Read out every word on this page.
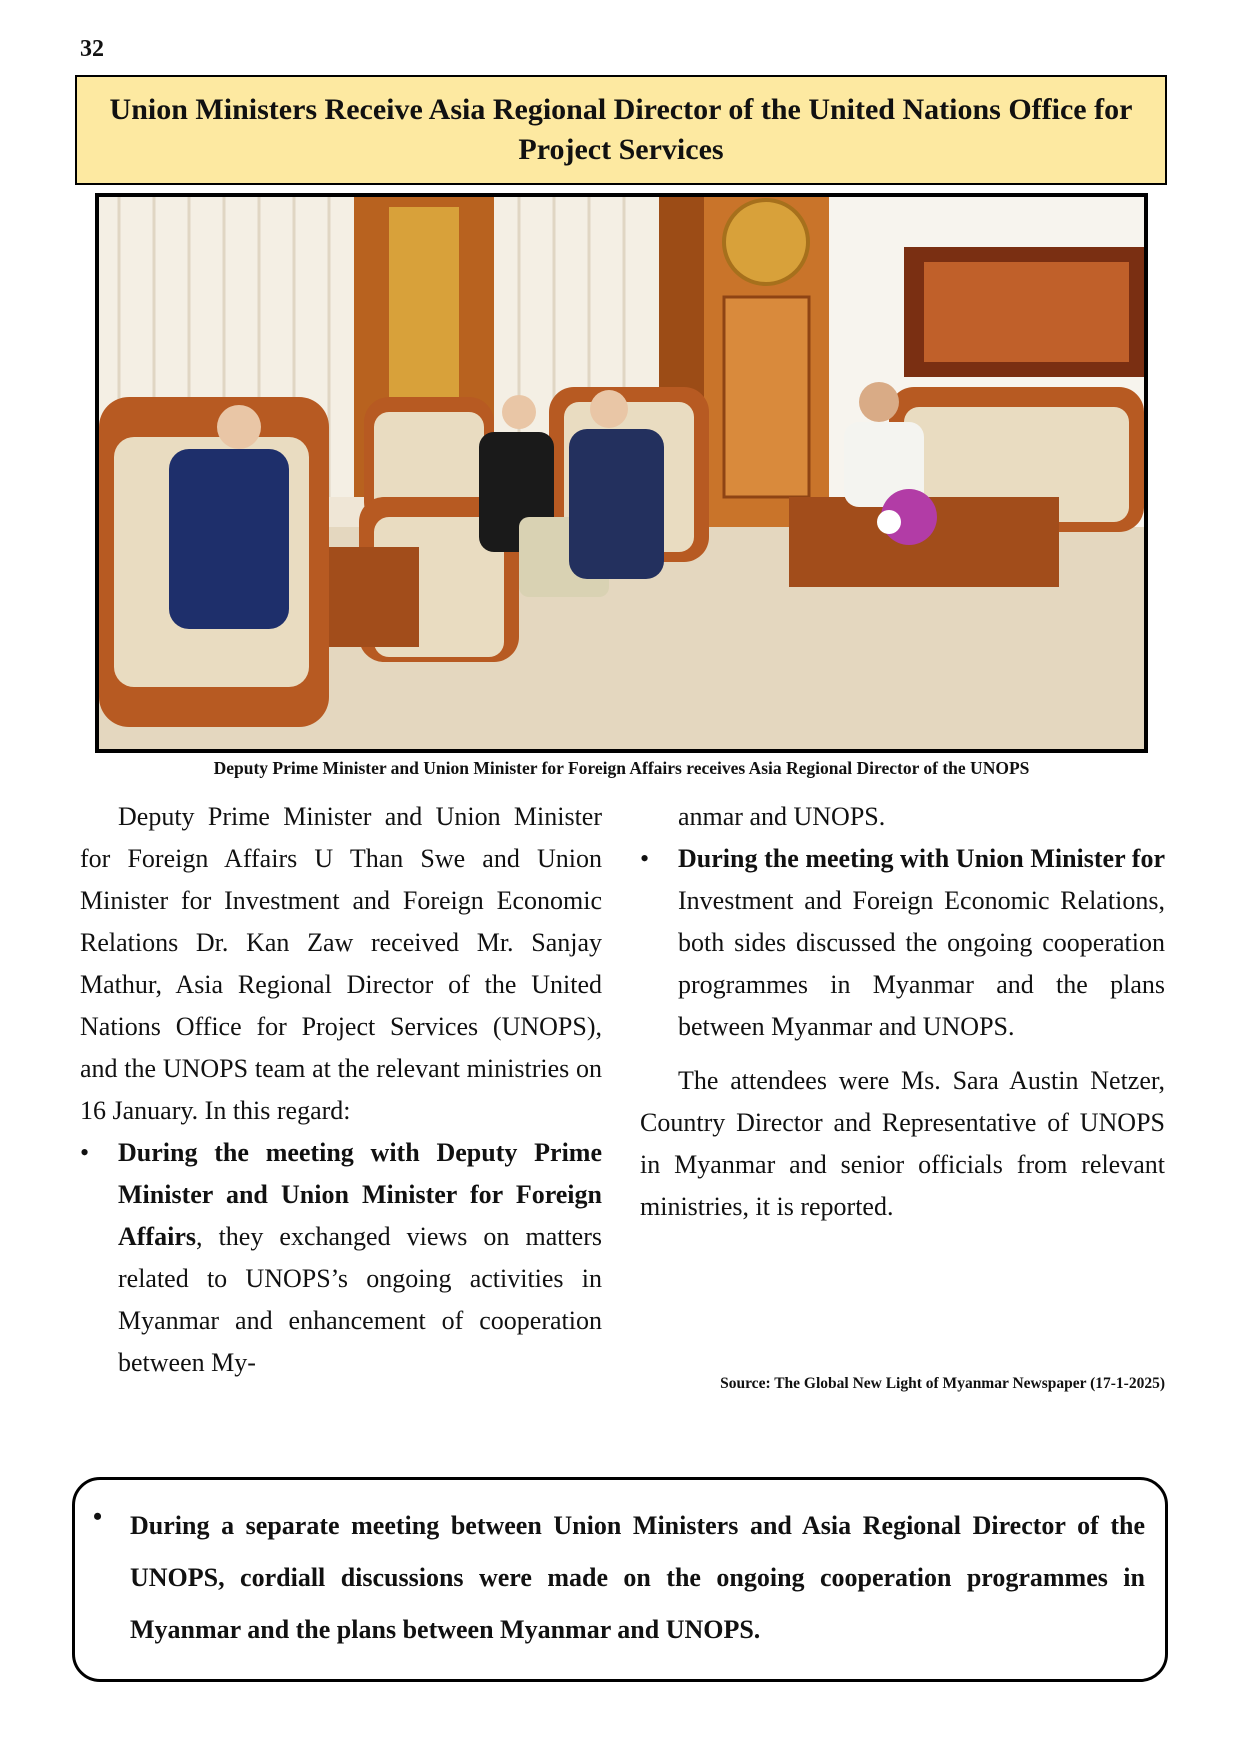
32
Union Ministers Receive Asia Regional Director of the United Nations Office for Project Services
Deputy Prime Minister and Union Minister for Foreign Affairs receives Asia Regional Director of the UNOPS

Deputy Prime Minister and Union Minister for Foreign Affairs U Than Swe and Union Minister for Investment and Foreign Economic Relations Dr. Kan Zaw received Mr. Sanjay Mathur, Asia Regional Director of the United Nations Office for Project Services (UNOPS), and the UNOPS team at the relevant ministries on 16 January. In this regard:

• During the meeting with Deputy Prime Minister and Union Minister for Foreign Affairs, they exchanged views on matters related to UNOPS’s ongoing activities in Myanmar and enhancement of cooperation between My-

anmar and UNOPS.

• During the meeting with Union Minister for Investment and Foreign Economic Relations, both sides discussed the ongoing cooperation programmes in Myanmar and the plans between Myanmar and UNOPS.

The attendees were Ms. Sara Austin Netzer, Country Director and Representative of UNOPS in Myanmar and senior officials from relevant ministries, it is reported.

Source: The Global New Light of Myanmar Newspaper (17-1-2025)
• During a separate meeting between Union Ministers and Asia Regional Director of the UNOPS, cordiall discussions were made on the ongoing cooperation programmes in Myanmar and the plans between Myanmar and UNOPS.
